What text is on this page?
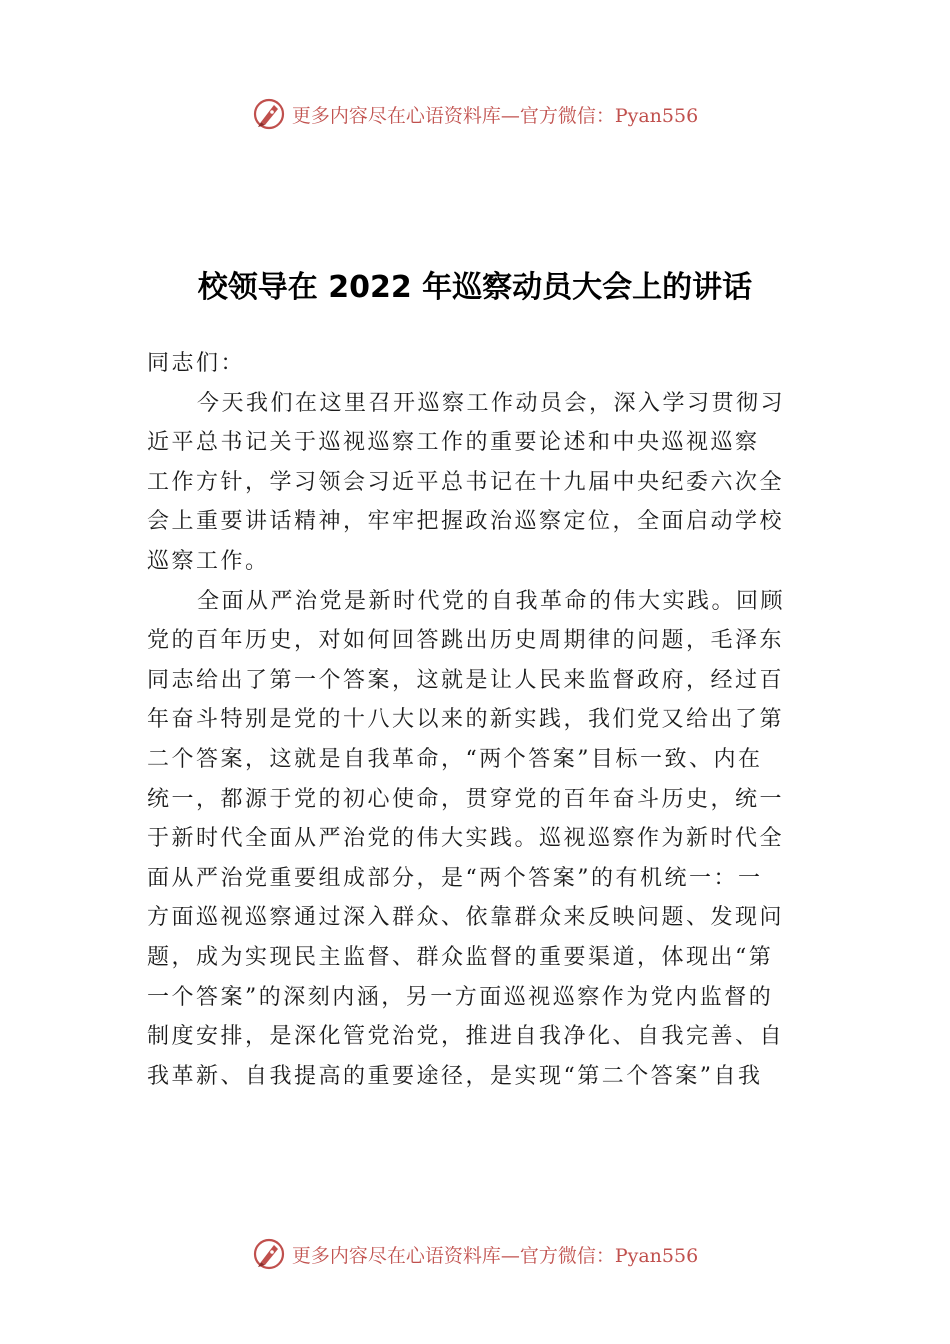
更多内容尽在心语资料库—官方微信：Pyan556
校领导在 2022 年巡察动员大会上的讲话
同志们：
今天我们在这里召开巡察工作动员会，深入学习贯彻习
近平总书记关于巡视巡察工作的重要论述和中央巡视巡察
工作方针，学习领会习近平总书记在十九届中央纪委六次全
会上重要讲话精神，牢牢把握政治巡察定位，全面启动学校
巡察工作。
全面从严治党是新时代党的自我革命的伟大实践。回顾
党的百年历史，对如何回答跳出历史周期律的问题，毛泽东
同志给出了第一个答案，这就是让人民来监督政府，经过百
年奋斗特别是党的十八大以来的新实践，我们党又给出了第
二个答案，这就是自我革命，“两个答案”目标一致、内在
统一，都源于党的初心使命，贯穿党的百年奋斗历史，统一
于新时代全面从严治党的伟大实践。巡视巡察作为新时代全
面从严治党重要组成部分，是“两个答案”的有机统一：一
方面巡视巡察通过深入群众、依靠群众来反映问题、发现问
题，成为实现民主监督、群众监督的重要渠道，体现出“第
一个答案”的深刻内涵，另一方面巡视巡察作为党内监督的
制度安排，是深化管党治党，推进自我净化、自我完善、自
我革新、自我提高的重要途径，是实现“第二个答案”自我
更多内容尽在心语资料库—官方微信：Pyan556
